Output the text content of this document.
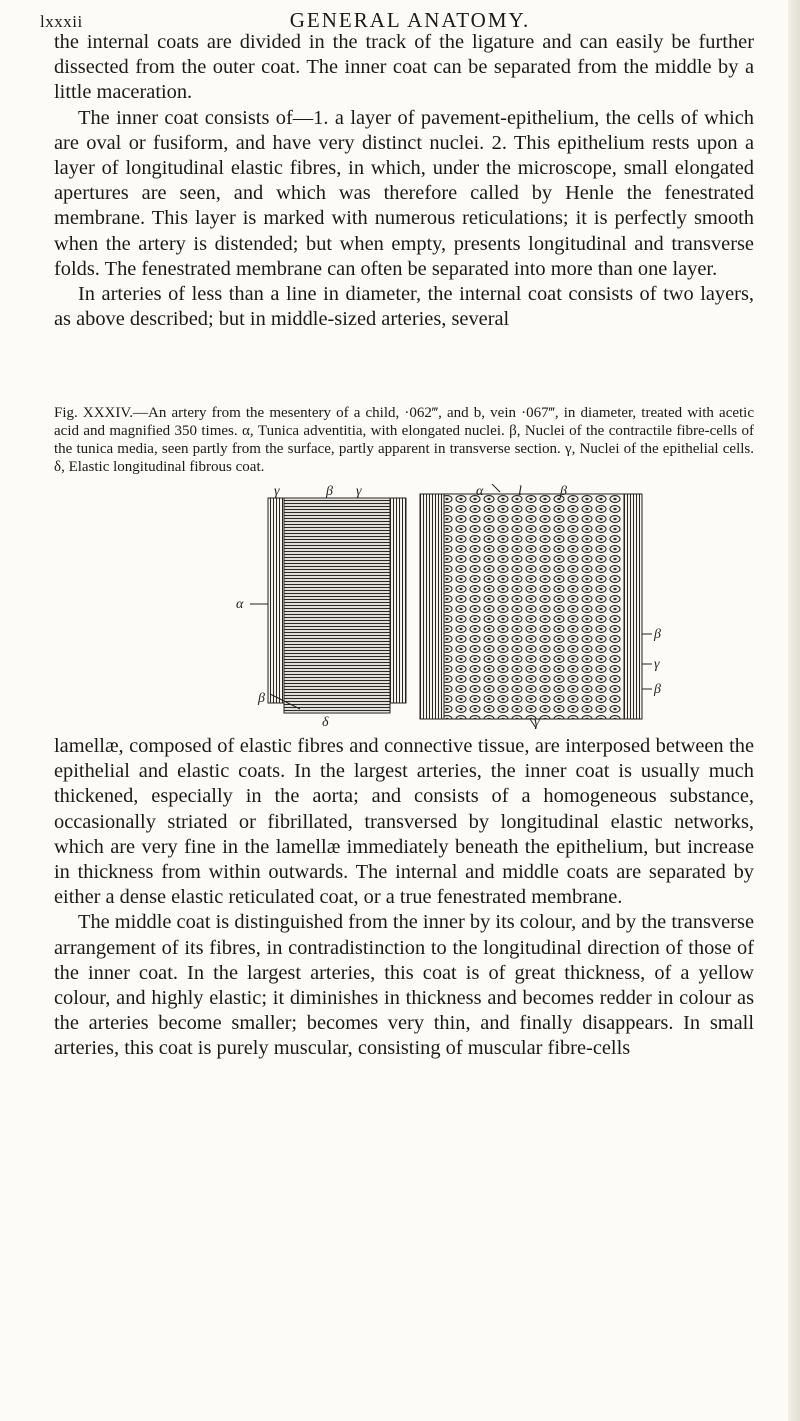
lxxxii	GENERAL ANATOMY.

the internal coats are divided in the track of the ligature and can easily be further dissected from the outer coat. The inner coat can be separated from the middle by a little maceration.

The inner coat consists of—1. a layer of pavement-epithelium, the cells of which are oval or fusiform, and have very distinct nuclei. 2. This epithelium rests upon a layer of longitudinal elastic fibres, in which, under the microscope, small elongated apertures are seen, and which was therefore called by Henle the fenestrated membrane. This layer is marked with numerous reticulations; it is perfectly smooth when the artery is distended; but when empty, presents longitudinal and transverse folds. The fenestrated membrane can often be separated into more than one layer.

In arteries of less than a line in diameter, the internal coat consists of two layers, as above described; but in middle-sized arteries, several

Fig. XXXIV.—An artery from the mesentery of a child, ·062‴, and b, vein ·067‴, in diameter, treated with acetic acid and magnified 350 times. α, Tunica adventitia, with elongated nuclei. β, Nuclei of the contractile fibre-cells of the tunica media, seen partly from the surface, partly apparent in transverse section. γ, Nuclei of the epithelial cells. δ, Elastic longitudinal fibrous coat.
γ	β γ
α
β
δ
α l	β
β
γ
β
γ

lamellæ, composed of elastic fibres and connective tissue, are interposed between the epithelial and elastic coats. In the largest arteries, the inner coat is usually much thickened, especially in the aorta; and consists of a homogeneous substance, occasionally striated or fibrillated, transversed by longitudinal elastic networks, which are very fine in the lamellæ immediately beneath the epithelium, but increase in thickness from within outwards. The internal and middle coats are separated by either a dense elastic reticulated coat, or a true fenestrated membrane.

The middle coat is distinguished from the inner by its colour, and by the transverse arrangement of its fibres, in contradistinction to the longitudinal direction of those of the inner coat. In the largest arteries, this coat is of great thickness, of a yellow colour, and highly elastic; it diminishes in thickness and becomes redder in colour as the arteries become smaller; becomes very thin, and finally disappears. In small arteries, this coat is purely muscular, consisting of muscular fibre-cells
